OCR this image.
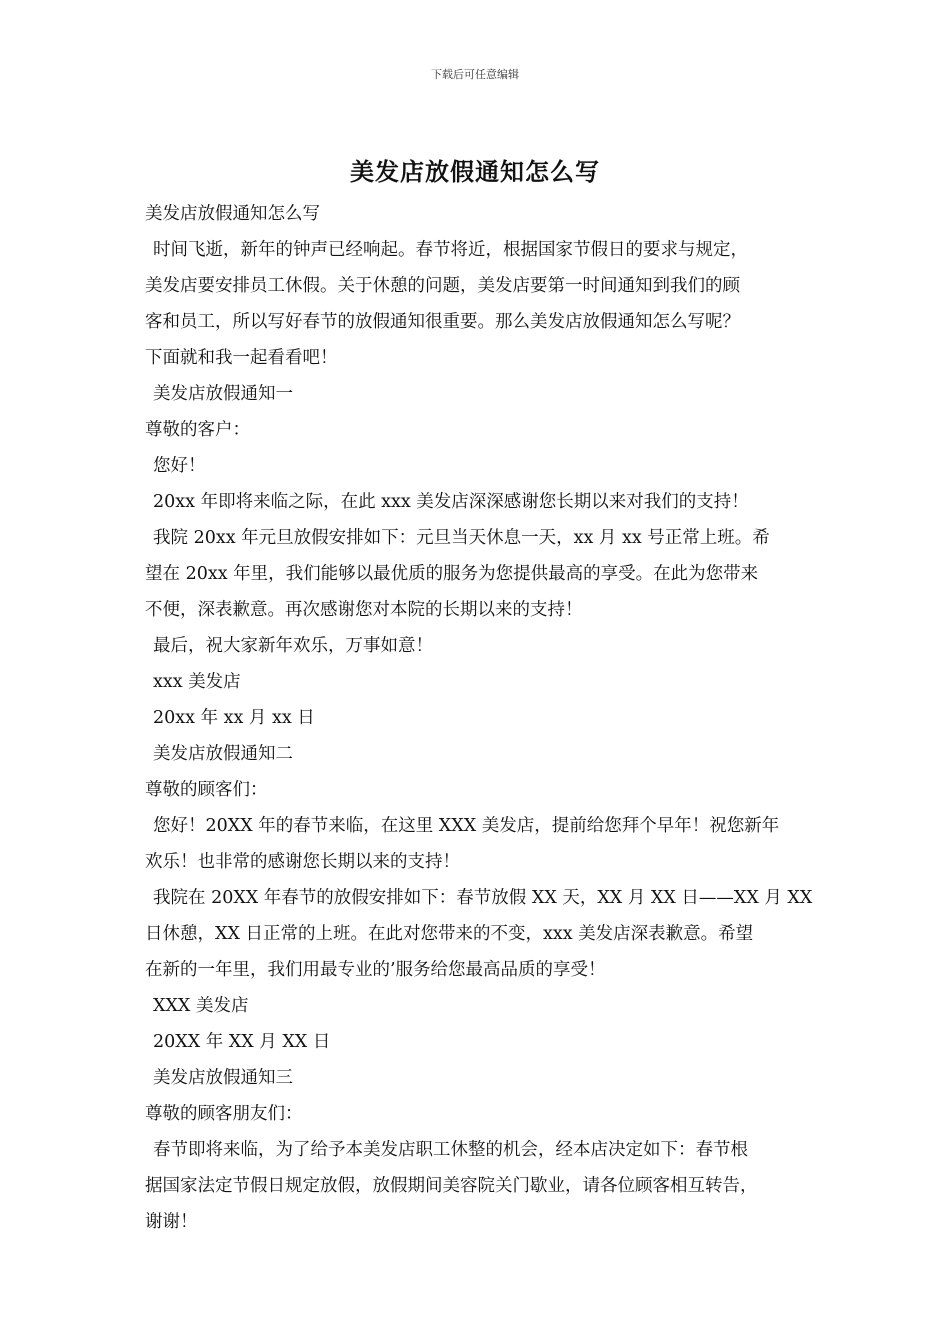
下载后可任意编辑
美发店放假通知怎么写
美发店放假通知怎么写
时间飞逝，新年的钟声已经响起。春节将近，根据国家节假日的要求与规定，
美发店要安排员工休假。关于休憩的问题，美发店要第一时间通知到我们的顾
客和员工，所以写好春节的放假通知很重要。那么美发店放假通知怎么写呢？
下面就和我一起看看吧！
美发店放假通知一
尊敬的客户：
您好！
20xx 年即将来临之际，在此 xxx 美发店深深感谢您长期以来对我们的支持！
我院 20xx 年元旦放假安排如下：元旦当天休息一天，xx 月 xx 号正常上班。希
望在 20xx 年里，我们能够以最优质的服务为您提供最高的享受。在此为您带来
不便，深表歉意。再次感谢您对本院的长期以来的支持！
最后，祝大家新年欢乐，万事如意！
xxx 美发店
20xx 年 xx 月 xx 日
美发店放假通知二
尊敬的顾客们：
您好！20XX 年的春节来临，在这里 XXX 美发店，提前给您拜个早年！祝您新年
欢乐！也非常的感谢您长期以来的支持！
我院在 20XX 年春节的放假安排如下：春节放假 XX 天，XX 月 XX 日——XX 月 XX
日休憩，XX 日正常的上班。在此对您带来的不变，xxx 美发店深表歉意。希望
在新的一年里，我们用最专业的’服务给您最高品质的享受！
XXX 美发店
20XX 年 XX 月 XX 日
美发店放假通知三
尊敬的顾客朋友们：
春节即将来临，为了给予本美发店职工休整的机会，经本店决定如下：春节根
据国家法定节假日规定放假，放假期间美容院关门歇业，请各位顾客相互转告，
谢谢！
